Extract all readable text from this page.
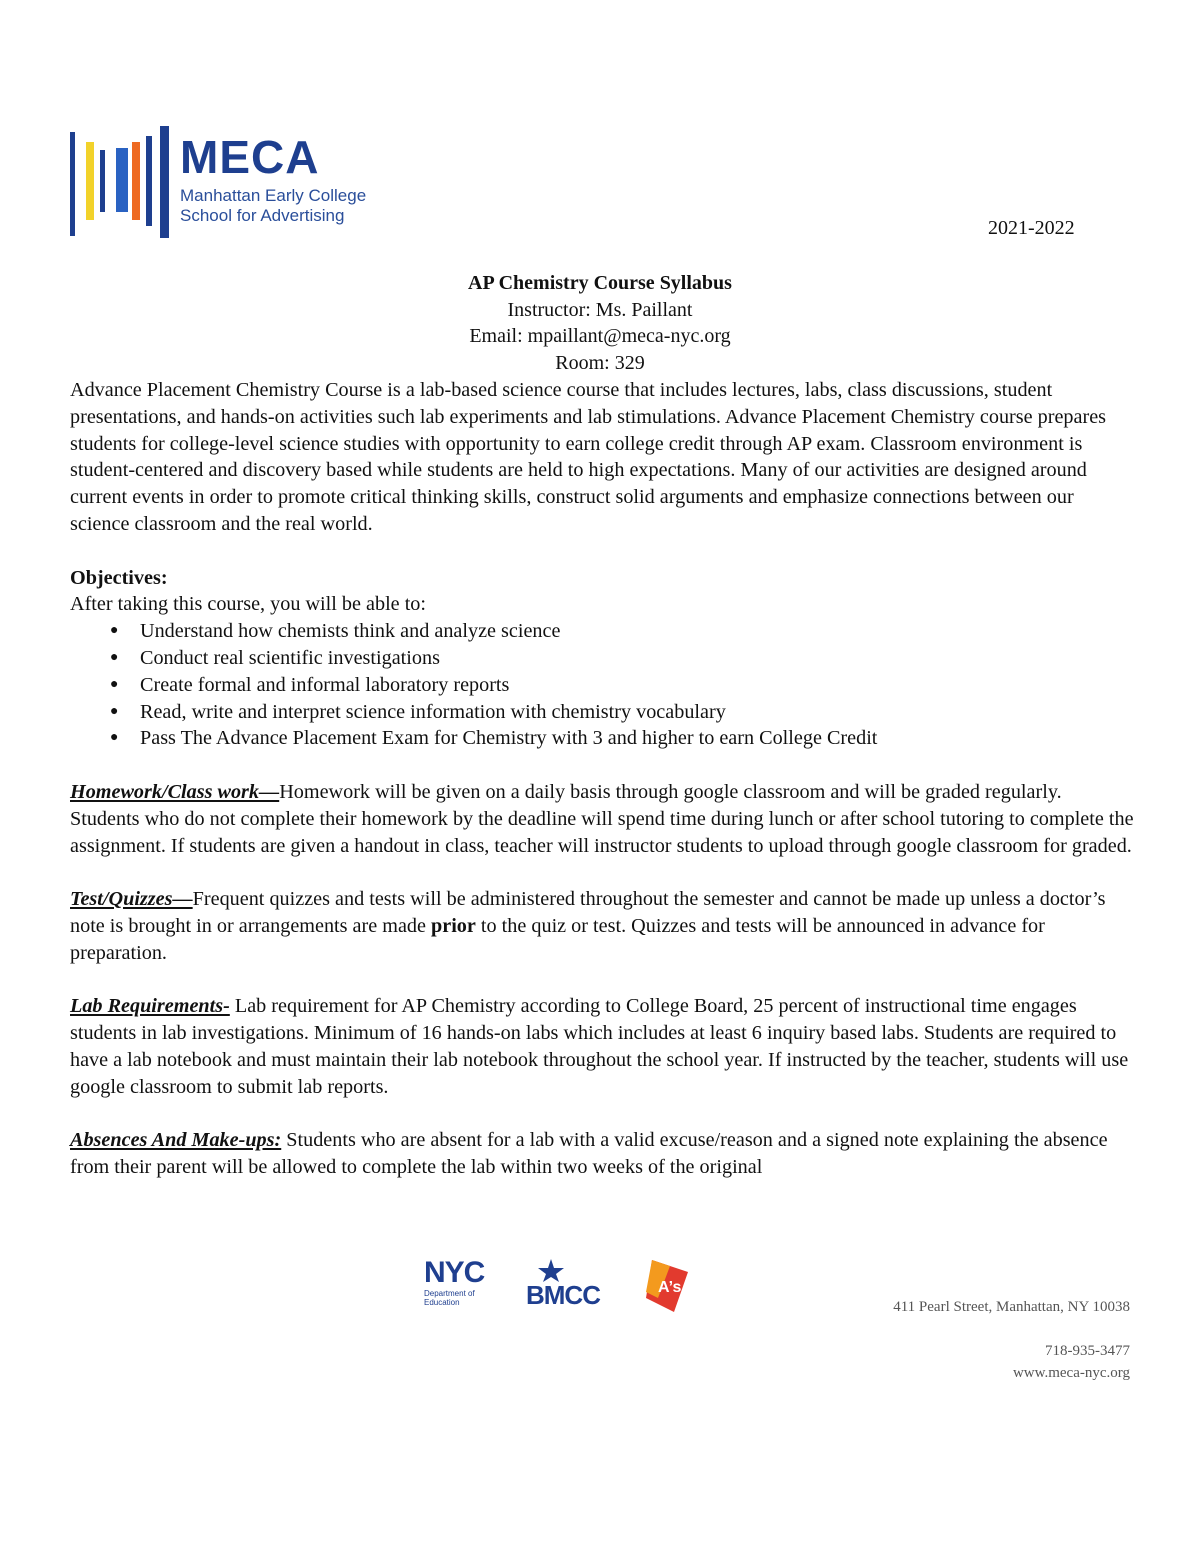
MECA
Manhattan Early College
School for Advertising
2021-2022
AP Chemistry Course Syllabus
Instructor: Ms. Paillant
Email: mpaillant@meca-nyc.org
Room: 329

Advance Placement Chemistry Course is a lab-based science course that includes lectures, labs, class discussions, student presentations, and hands-on activities such lab experiments and lab stimulations. Advance Placement Chemistry course prepares students for college-level science studies with opportunity to earn college credit through AP exam. Classroom environment is student-centered and discovery based while students are held to high expectations. Many of our activities are designed around current events in order to promote critical thinking skills, construct solid arguments and emphasize connections between our science classroom and the real world.

Objectives:

After taking this course, you will be able to:

● Understand how chemists think and analyze science
● Conduct real scientific investigations
● Create formal and informal laboratory reports
● Read, write and interpret science information with chemistry vocabulary
● Pass The Advance Placement Exam for Chemistry with 3 and higher to earn College Credit

Homework/Class work—Homework will be given on a daily basis through google classroom and will be graded regularly. Students who do not complete their homework by the deadline will spend time during lunch or after school tutoring to complete the assignment. If students are given a handout in class, teacher will instructor students to upload through google classroom for graded.

Test/Quizzes—Frequent quizzes and tests will be administered throughout the semester and cannot be made up unless a doctor’s note is brought in or arrangements are made prior to the quiz or test. Quizzes and tests will be announced in advance for preparation.

Lab Requirements- Lab requirement for AP Chemistry according to College Board, 25 percent of instructional time engages students in lab investigations. Minimum of 16 hands-on labs which includes at least 6 inquiry based labs. Students are required to have a lab notebook and must maintain their lab notebook throughout the school year. If instructed by the teacher, students will use google classroom to submit lab reports.

Absences And Make-ups: Students who are absent for a lab with a valid excuse/reason and a signed note explaining the absence from their parent will be allowed to complete the lab within two weeks of the original

NYC
Department of
Education	BMCC	A’s
411 Pearl Street, Manhattan, NY 10038
718-935-3477
www.meca-nyc.org
